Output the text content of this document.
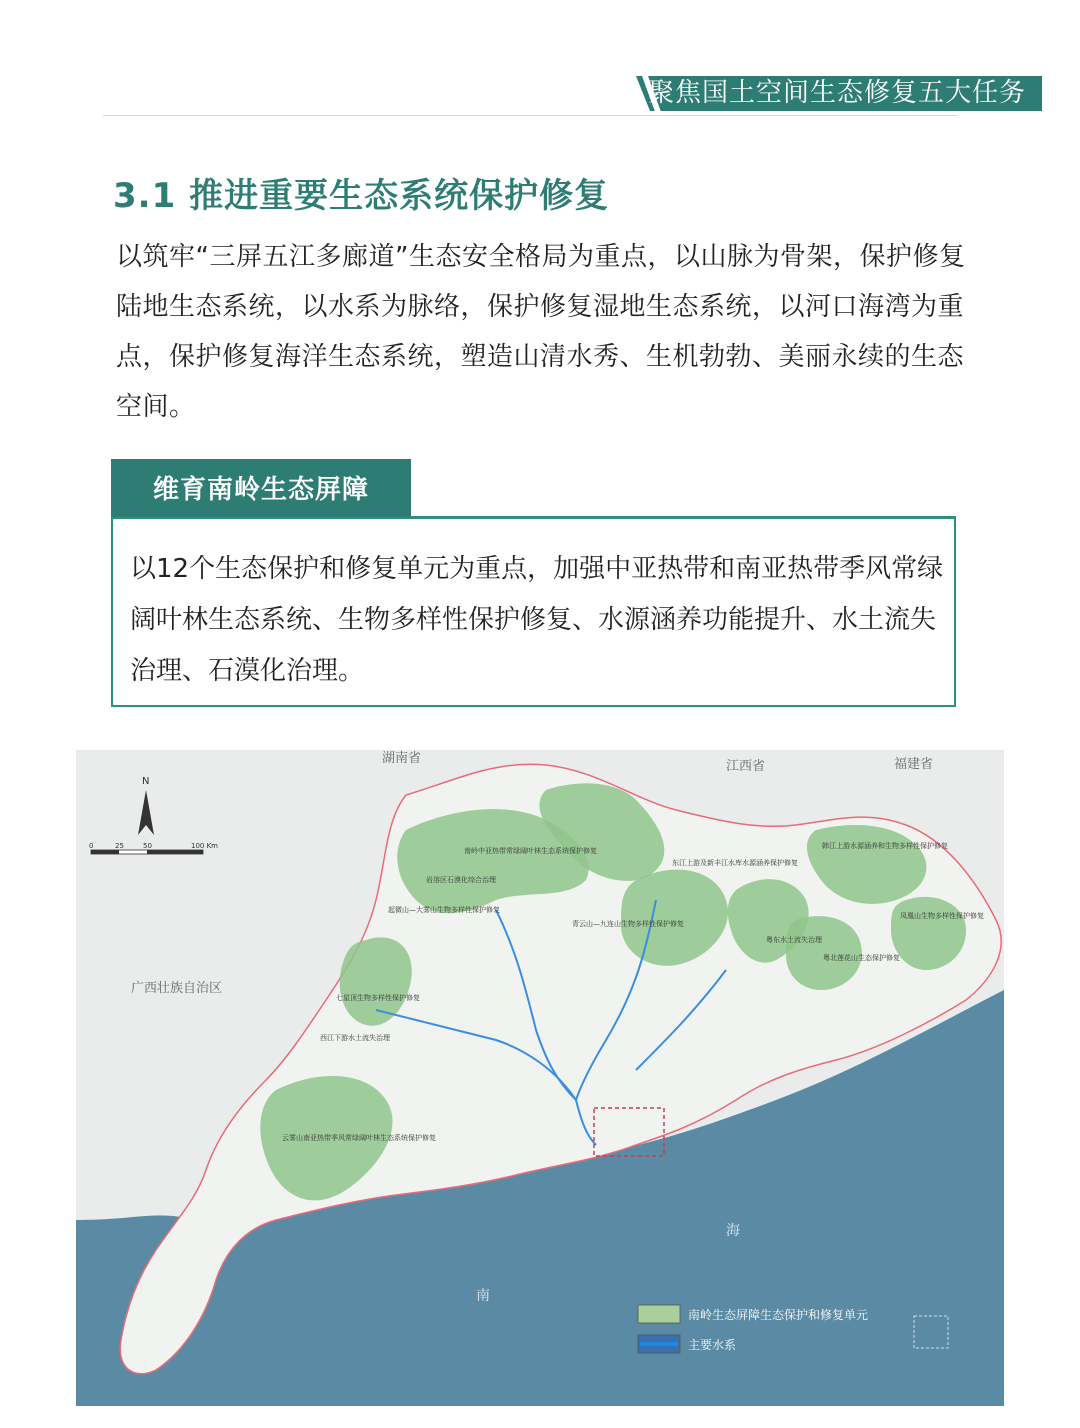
聚焦国土空间生态修复五大任务
3.1 推进重要生态系统保护修复
以筑牢“三屏五江多廊道”生态安全格局为重点，以山脉为骨架，保护修复陆地生态系统，以水系为脉络，保护修复湿地生态系统，以河口海湾为重点，保护修复海洋生态系统，塑造山清水秀、生机勃勃、美丽永续的生态空间。
维育南岭生态屏障
以12个生态保护和修复单元为重点，加强中亚热带和南亚热带季风常绿阔叶林生态系统、生物多样性保护修复、水源涵养功能提升、水土流失治理、石漠化治理。
N
0	25	50	100 Km
湖南省
江西省	福建省
广西壮族自治区
南
海
南岭中亚热带常绿阔叶林生态系统保护修复
岩溶区石漠化综合治理
起微山—大雾山生物多样性保护修复
东江上游及新丰江水库水源涵养保护修复
青云山—九连山生物多样性保护修复
韩江上游水源涵养和生物多样性保护修复
凤凰山生物多样性保护修复
粤东水土流失治理
粤北莲花山生态保护修复
七星顶生物多样性保护修复
西江下游水土流失治理
云雾山南亚热带季风常绿阔叶林生态系统保护修复
南岭生态屏障生态保护和修复单元
主要水系
